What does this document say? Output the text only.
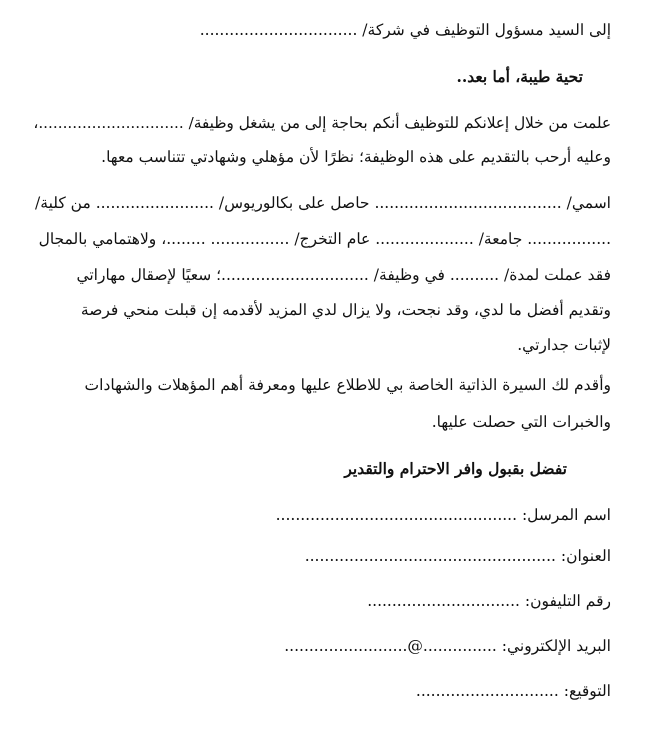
إلى السيد مسؤول التوظيف في شركة/ ................................
تحية طيبة، أما بعد..
علمت من خلال إعلانكم للتوظيف أنكم بحاجة إلى من يشغل وظيفة/ ..............................،
وعليه أرحب بالتقديم على هذه الوظيفة؛ نظرًا لأن مؤهلي وشهادتي تتناسب معها.
اسمي/ ...................................... حاصل على بكالوريوس/ ........................ من كلية/
................. جامعة/ .................... عام التخرج/ ................ ........، ولاهتمامي بالمجال
فقد عملت لمدة/ .......... في وظيفة/ ..............................؛ سعيًا لإصقال مهاراتي
وتقديم أفضل ما لدي، وقد نجحت، ولا يزال لدي المزيد لأقدمه إن قبلت منحي فرصة
لإثبات جدارتي.
وأقدم لك السيرة الذاتية الخاصة بي للاطلاع عليها ومعرفة أهم المؤهلات والشهادات
والخبرات التي حصلت عليها.
تفضل بقبول وافر الاحترام والتقدير
اسم المرسل: .................................................
العنوان: ...................................................
رقم التليفون: ...............................
البريد الإلكتروني: ...............@.........................
التوقيع: .............................
